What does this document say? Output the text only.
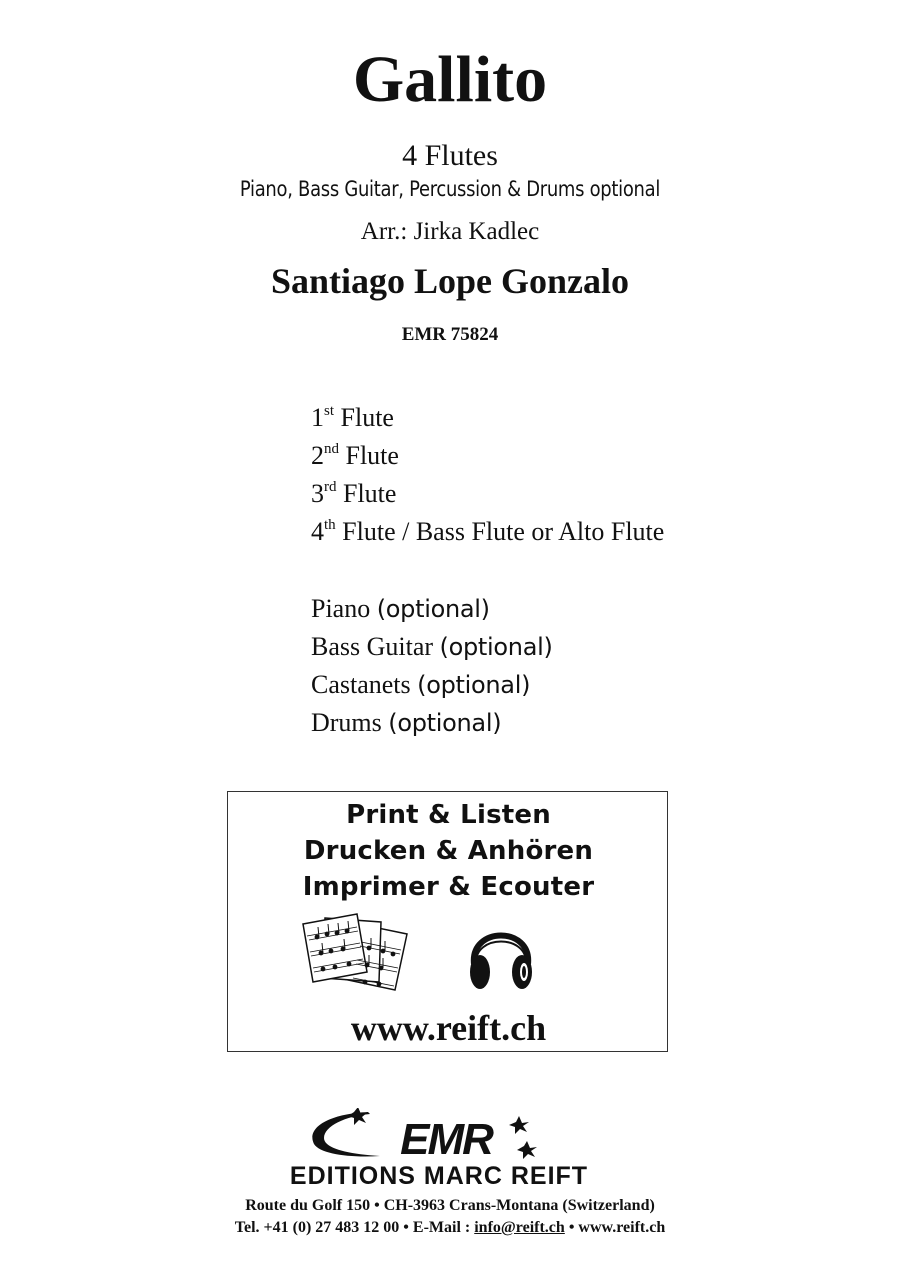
Gallito
4 Flutes
Piano, Bass Guitar, Percussion & Drums optional
Arr.: Jirka Kadlec
Santiago Lope Gonzalo
EMR 75824
1st Flute
2nd Flute
3rd Flute
4th Flute / Bass Flute or Alto Flute
Piano (optional)
Bass Guitar (optional)
Castanets (optional)
Drums (optional)
Print & Listen
Drucken & Anhören
Imprimer & Ecouter
www.reift.ch
EMR
EDITIONS MARC REIFT
Route du Golf 150 • CH-3963 Crans-Montana (Switzerland)
Tel. +41 (0) 27 483 12 00 • E-Mail : info@reift.ch • www.reift.ch
